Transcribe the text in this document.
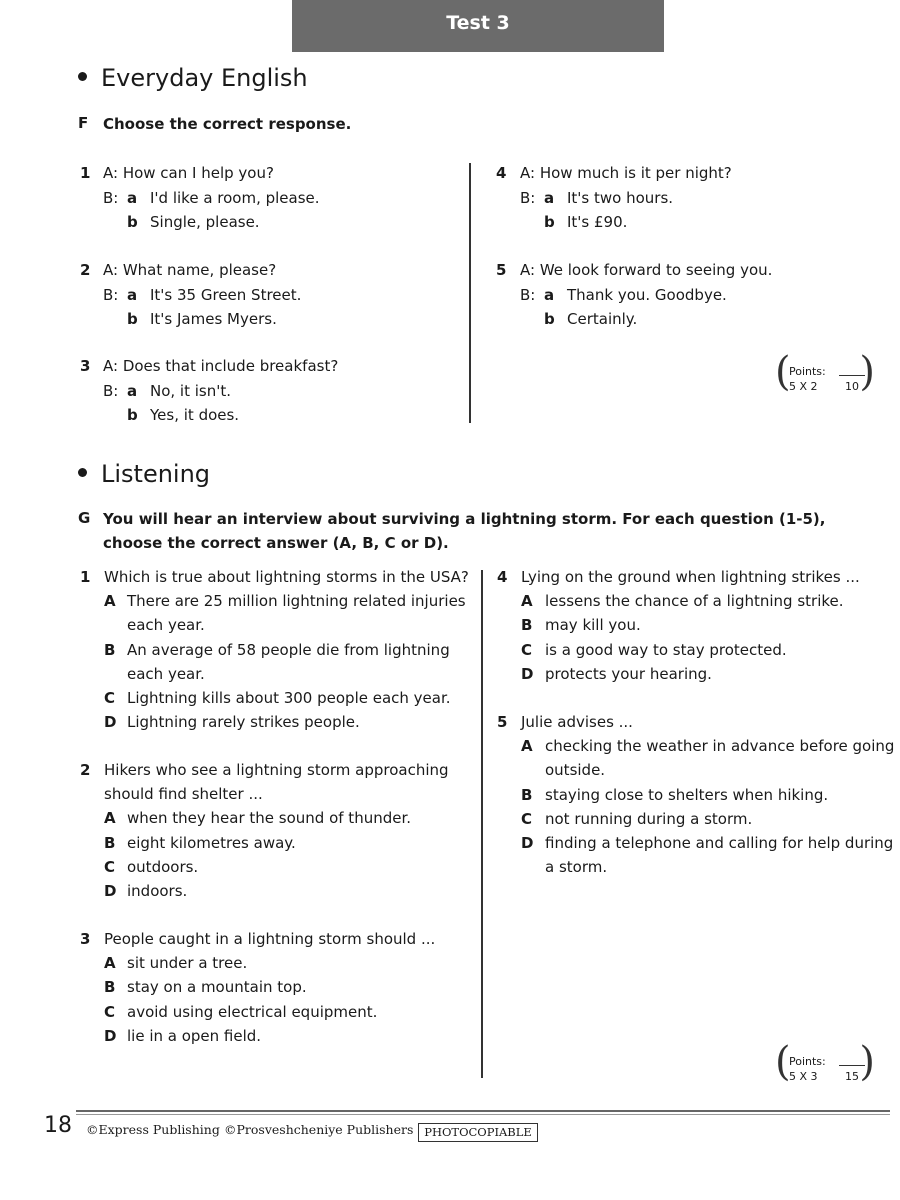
Test 3
Everyday English
F Choose the correct response.
1 A: How can I help you?
B: a I'd like a room, please.
b Single, please.
2 A: What name, please?
B: a It's 35 Green Street.
b It's James Myers.
3 A: Does that include breakfast?
B: a No, it isn't.
b Yes, it does.
4 A: How much is it per night?
B: a It's two hours.
b It's £90.
5 A: We look forward to seeing you.
B: a Thank you. Goodbye.
b Certainly.
(
Points:
5 X 2 10 )
Listening
G You will hear an interview about surviving a lightning storm. For each question (1-5),
choose the correct answer (A, B, C or D).
1 Which is true about lightning storms in the USA?
A There are 25 million lightning related injuries
each year.
B An average of 58 people die from lightning
each year.
C Lightning kills about 300 people each year.
D Lightning rarely strikes people.
2 Hikers who see a lightning storm approaching
should find shelter ...
A when they hear the sound of thunder.
B eight kilometres away.
C outdoors.
D indoors.
3 People caught in a lightning storm should ...
A sit under a tree.
B stay on a mountain top.
C avoid using electrical equipment.
D lie in a open field.
4 Lying on the ground when lightning strikes ...
A lessens the chance of a lightning strike.
B may kill you.
C is a good way to stay protected.
D protects your hearing.
5 Julie advises ...
A checking the weather in advance before going
outside.
B staying close to shelters when hiking.
C not running during a storm.
D finding a telephone and calling for help during
a storm.
(
Points:
5 X 3 15 )
18 ©Express Publishing ©Prosveshcheniye Publishers PHOTOCOPIABLE
